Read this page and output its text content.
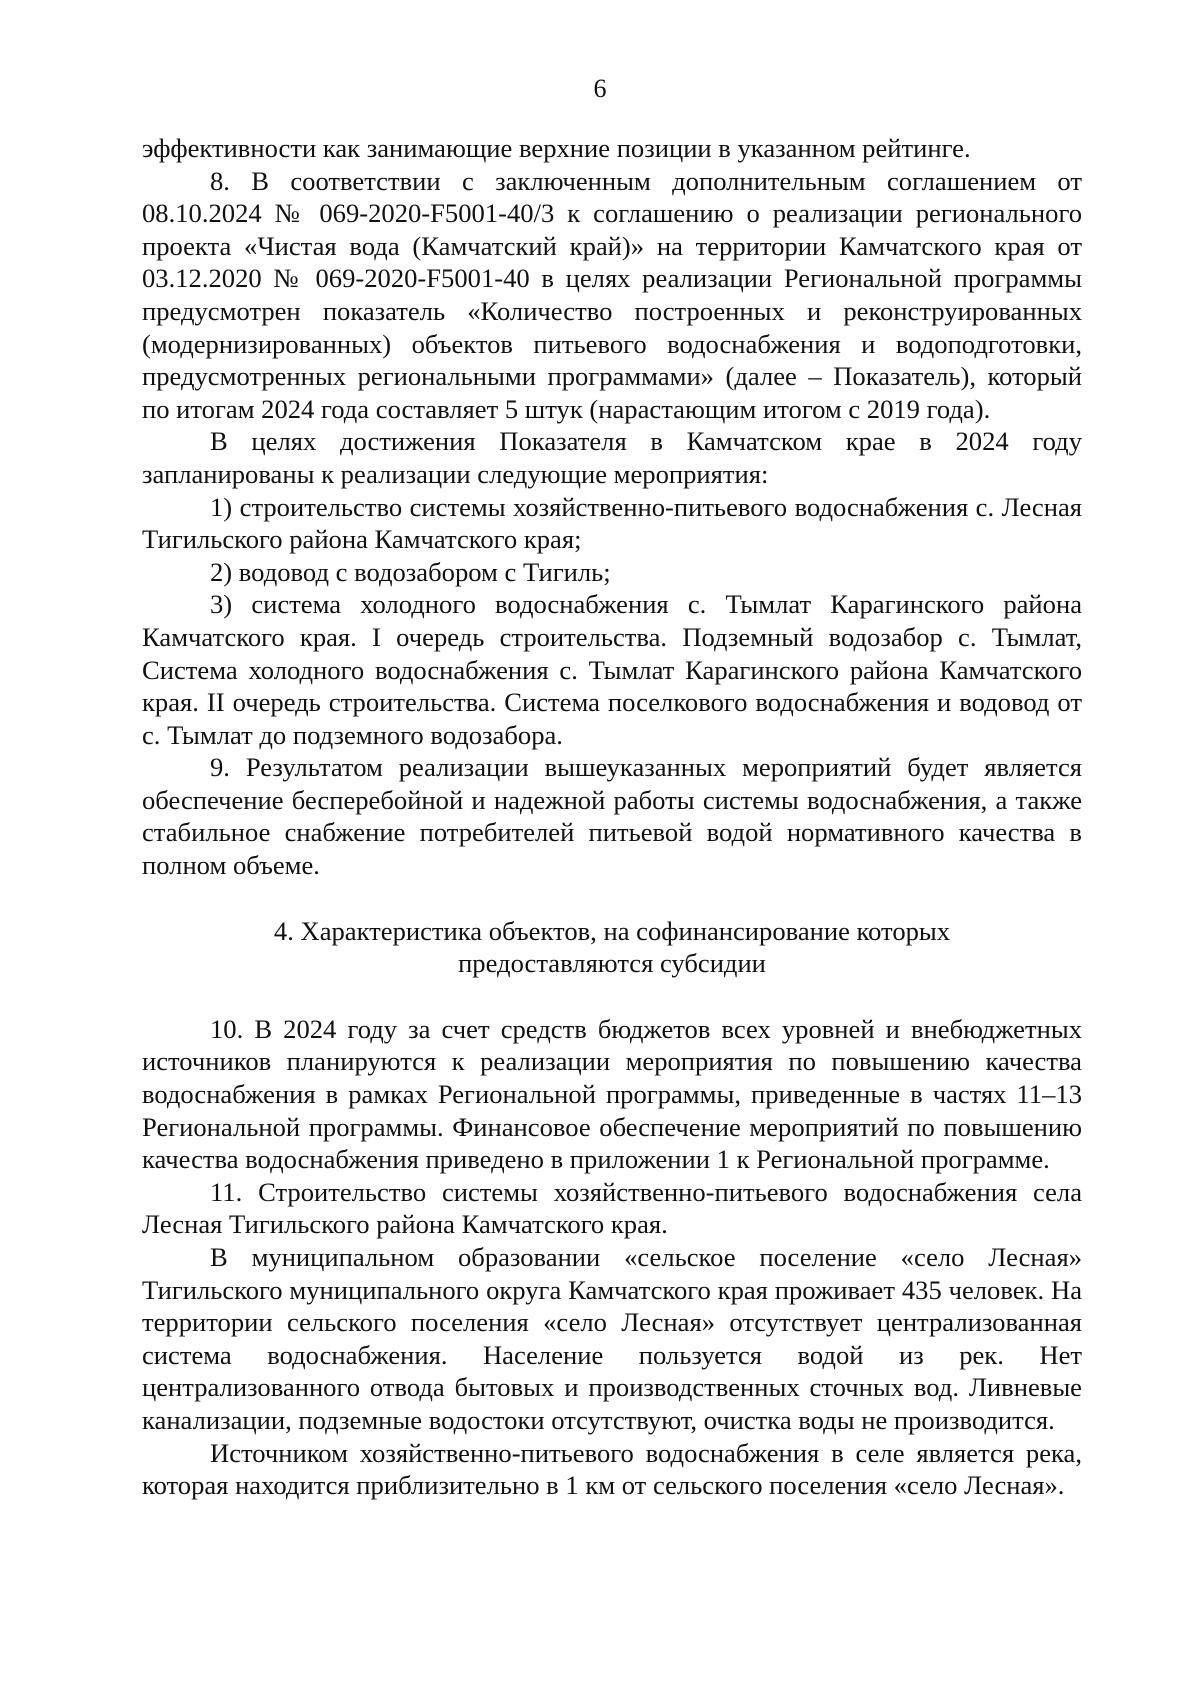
6

эффективности как занимающие верхние позиции в указанном рейтинге.

8. В соответствии с заключенным дополнительным соглашением от 08.10.2024 № 069-2020-F5001-40/3 к соглашению о реализации регионального проекта «Чистая вода (Камчатский край)» на территории Камчатского края от 03.12.2020 № 069-2020-F5001-40 в целях реализации Региональной программы предусмотрен показатель «Количество построенных и реконструированных (модернизированных) объектов питьевого водоснабжения и водоподготовки, предусмотренных региональными программами» (далее – Показатель), который по итогам 2024 года составляет 5 штук (нарастающим итогом с 2019 года).

В целях достижения Показателя в Камчатском крае в 2024 году запланированы к реализации следующие мероприятия:

1) строительство системы хозяйственно-питьевого водоснабжения с. Лесная Тигильского района Камчатского края;

2) водовод с водозабором с Тигиль;

3) система холодного водоснабжения с. Тымлат Карагинского района Камчатского края. I очередь строительства. Подземный водозабор с. Тымлат, Система холодного водоснабжения с. Тымлат Карагинского района Камчатского края. II очередь строительства. Система поселкового водоснабжения и водовод от с. Тымлат до подземного водозабора.

9. Результатом реализации вышеуказанных мероприятий будет является обеспечение бесперебойной и надежной работы системы водоснабжения, а также стабильное снабжение потребителей питьевой водой нормативного качества в полном объеме.

4. Характеристика объектов, на софинансирование которых
предоставляются субсидии

10. В 2024 году за счет средств бюджетов всех уровней и внебюджетных источников планируются к реализации мероприятия по повышению качества водоснабжения в рамках Региональной программы, приведенные в частях 11–13 Региональной программы. Финансовое обеспечение мероприятий по повышению качества водоснабжения приведено в приложении 1 к Региональной программе.

11. Строительство системы хозяйственно-питьевого водоснабжения села Лесная Тигильского района Камчатского края.

В муниципальном образовании «сельское поселение «село Лесная» Тигильского муниципального округа Камчатского края проживает 435 человек. На территории сельского поселения «село Лесная» отсутствует централизованная система водоснабжения. Население пользуется водой из рек. Нет централизованного отвода бытовых и производственных сточных вод. Ливневые канализации, подземные водостоки отсутствуют, очистка воды не производится.

Источником хозяйственно-питьевого водоснабжения в селе является река, которая находится приблизительно в 1 км от сельского поселения «село Лесная».
